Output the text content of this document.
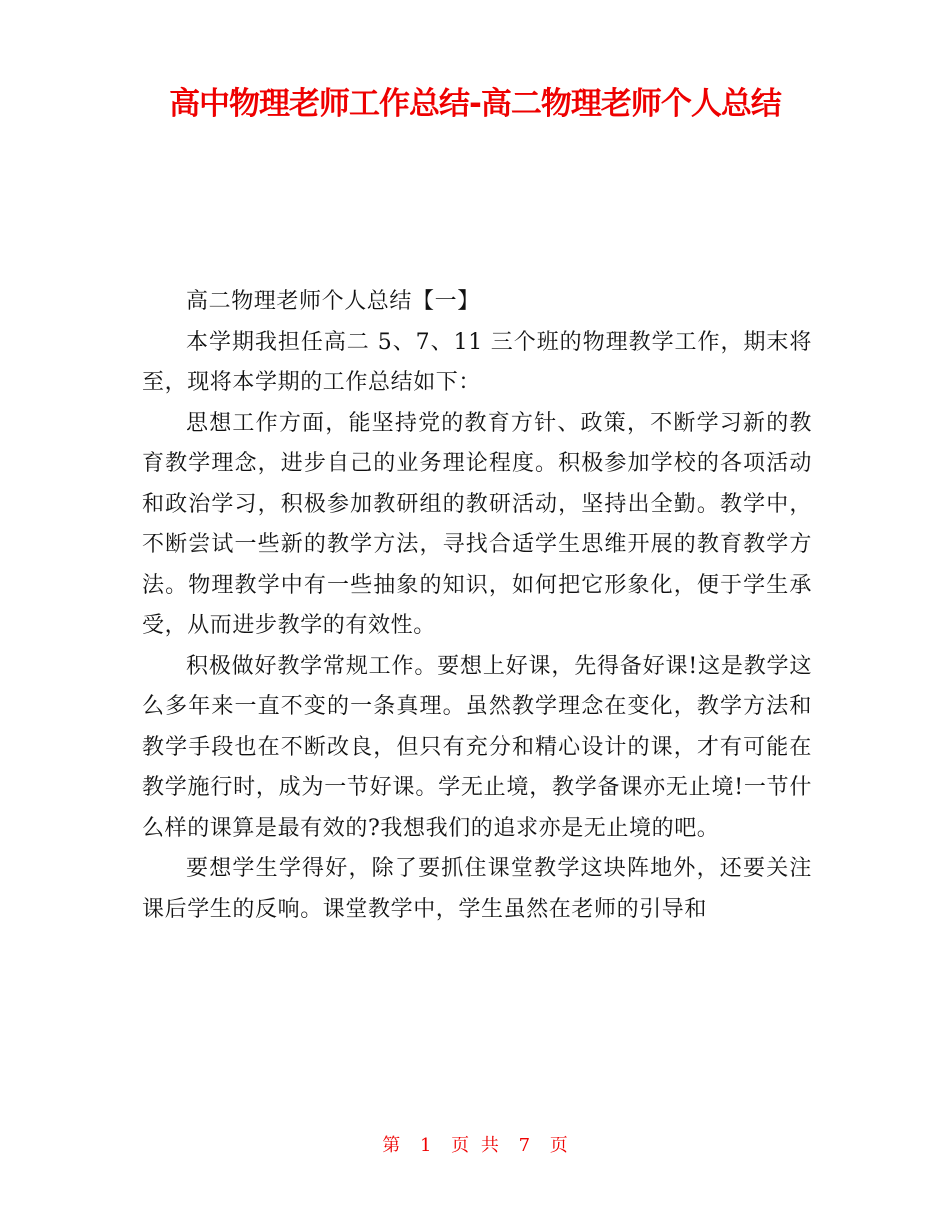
高中物理老师工作总结-高二物理老师个人总结

高二物理老师个人总结【一】

本学期我担任高二 5、7、11 三个班的物理教学工作，期末将至，现将本学期的工作总结如下：

思想工作方面，能坚持党的教育方针、政策，不断学习新的教育教学理念，进步自己的业务理论程度。积极参加学校的各项活动和政治学习，积极参加教研组的教研活动，坚持出全勤。教学中，不断尝试一些新的教学方法，寻找合适学生思维开展的教育教学方法。物理教学中有一些抽象的知识，如何把它形象化，便于学生承受，从而进步教学的有效性。

积极做好教学常规工作。要想上好课，先得备好课!这是教学这么多年来一直不变的一条真理。虽然教学理念在变化，教学方法和教学手段也在不断改良，但只有充分和精心设计的课，才有可能在教学施行时，成为一节好课。学无止境，教学备课亦无止境!一节什么样的课算是最有效的?我想我们的追求亦是无止境的吧。

要想学生学得好，除了要抓住课堂教学这块阵地外，还要关注课后学生的反响。课堂教学中，学生虽然在老师的引导和

第 1 页 共 7 页
